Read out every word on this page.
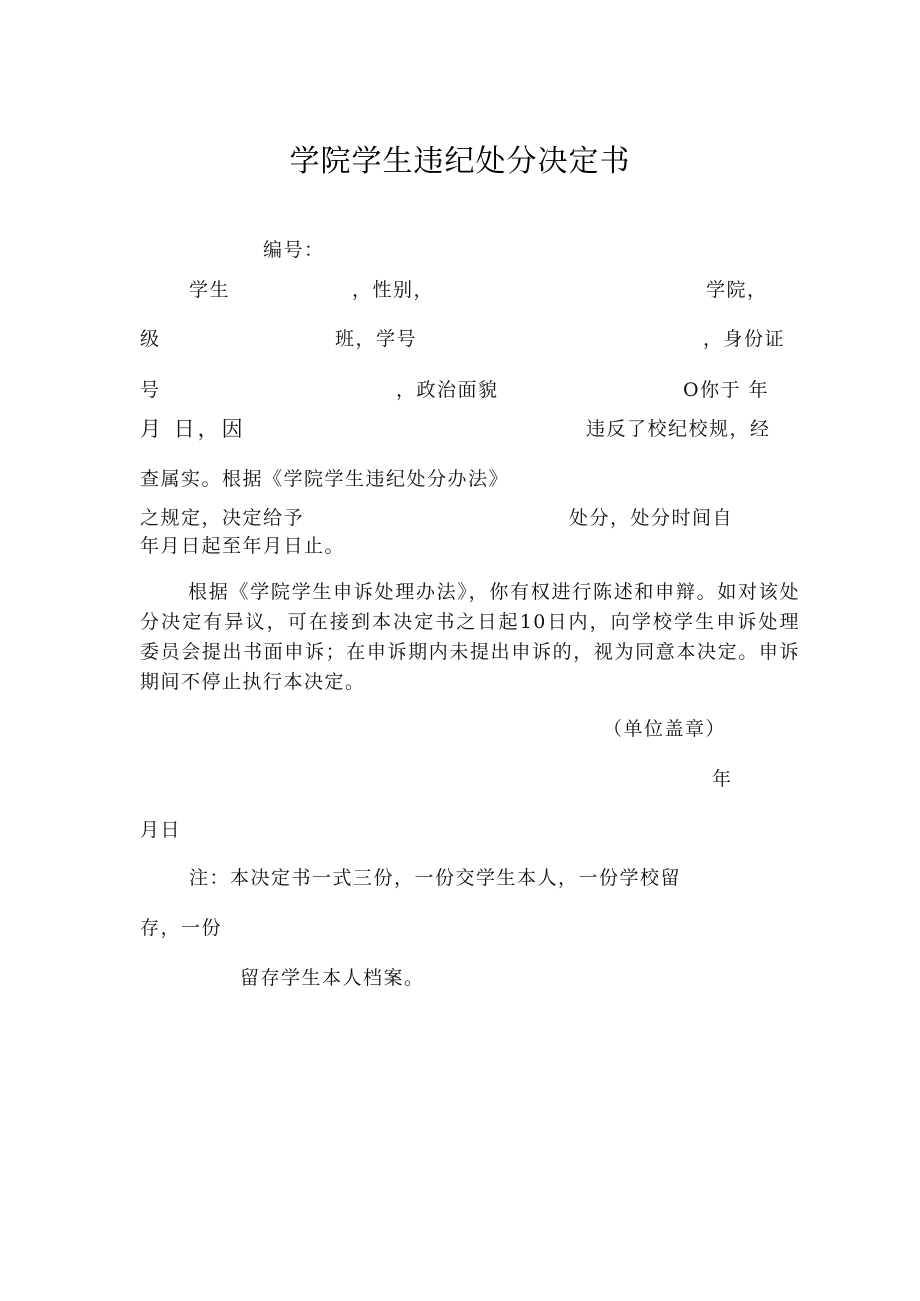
学院学生违纪处分决定书
编号：
学生	，性别，	学院，
级	班，学号	，身份证
号	，政治面貌	O你于 年
月 日，因	违反了校纪校规，经
查属实。根据《学院学生违纪处分办法》
之规定，决定给予	处分，处分时间自
年月日起至年月日止。
根据《学院学生申诉处理办法》，你有权进行陈述和申辩。如对该处分决定有异议，可在接到本决定书之日起10日内，向学校学生申诉处理委员会提出书面申诉；在申诉期内未提出申诉的，视为同意本决定。申诉期间不停止执行本决定。
（单位盖章）
年
月日
注：本决定书一式三份，一份交学生本人，一份学校留
存，一份
留存学生本人档案。
